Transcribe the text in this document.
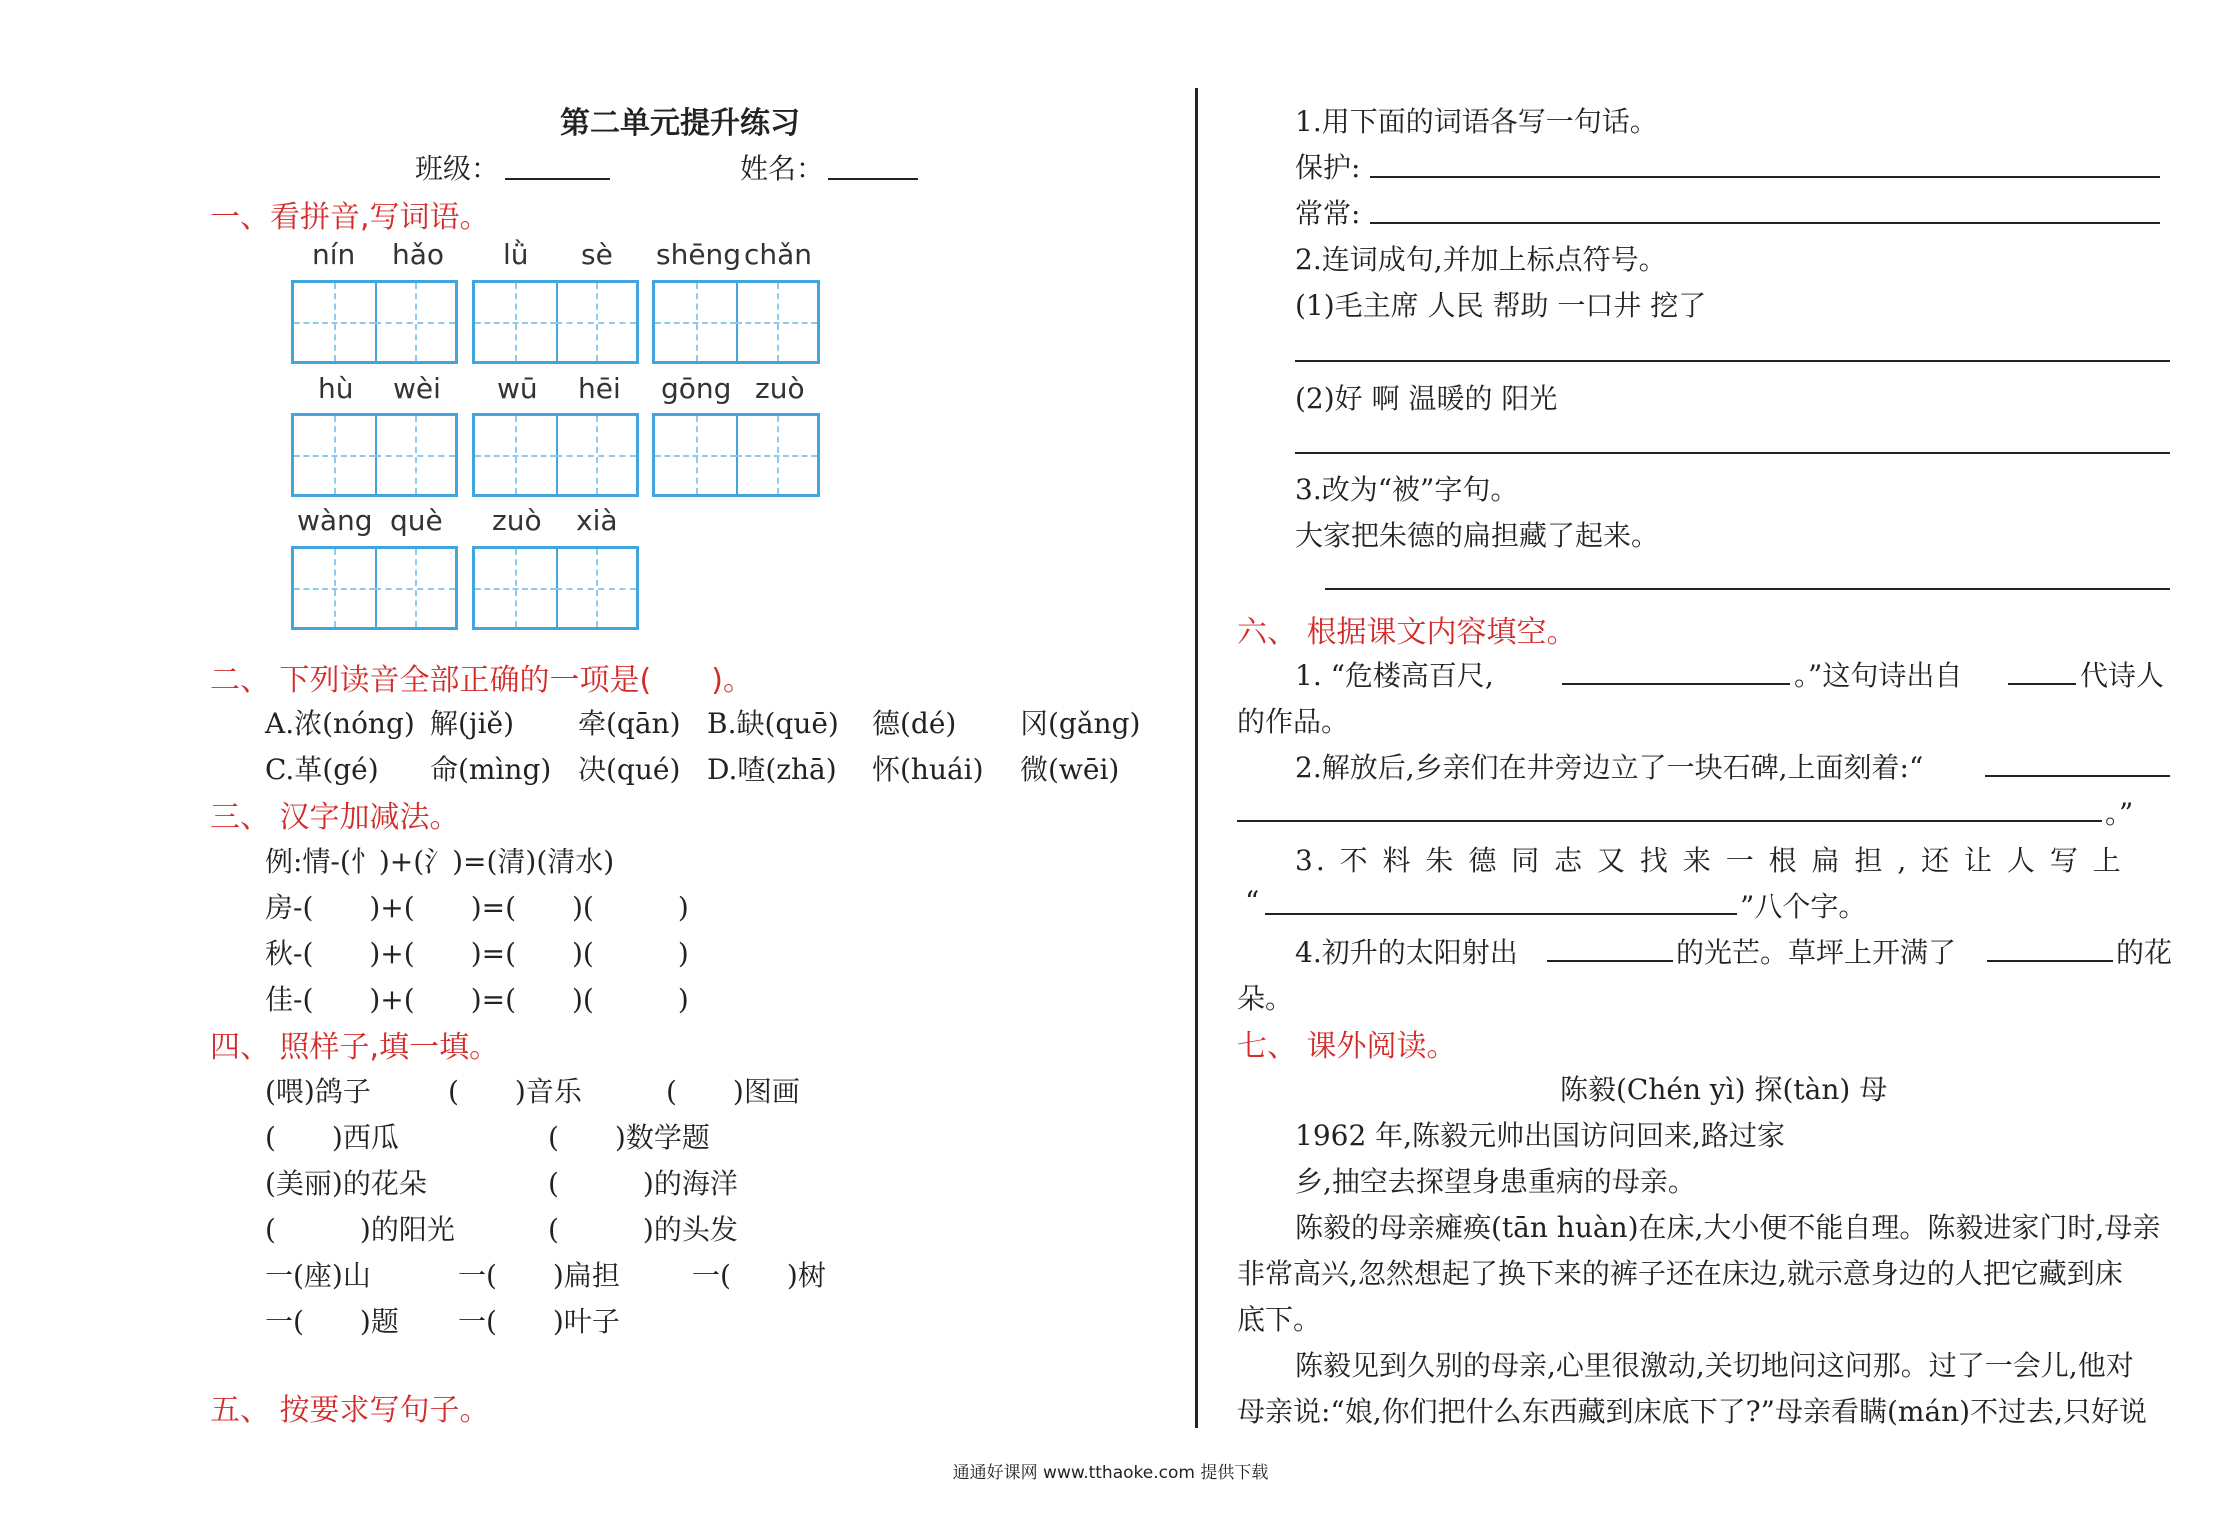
第二单元提升练习
班级：	姓名：
一、看拼音,写词语。
nín hǎo lǜ sè shēng chǎn
hù wèi wū hēi gōng zuò
wàng què zuò xià
二、 下列读音全部正确的一项是(　　)。
A.浓(nóng) 解(jiě) 牵(qān) B.缺(quē) 德(dé) 冈(gǎng)
C.革(gé) 命(mìng) 决(qué) D.喳(zhā) 怀(huái) 微(wēi)
三、 汉字加减法。
例:情-(忄)+(氵)=(清)(清水)
房-(　　)+(　　)=(　　)(　　　)
秋-(　　)+(　　)=(　　)(　　　)
佳-(　　)+(　　)=(　　)(　　　)
四、 照样子,填一填。
(喂)鸽子	(　　)音乐	(　　)图画
(　　)西瓜	(　　)数学题
(美丽)的花朵	(　　　)的海洋
(　　　)的阳光	(　　　)的头发
一(座)山	一(　　)扁担	一(　　)树
一(　　)题 一(　　)叶子
五、 按要求写句子。
1.用下面的词语各写一句话。
保护:
常常:
2.连词成句,并加上标点符号。
(1)毛主席 人民 帮助 一口井 挖了
(2)好 啊 温暖的 阳光
3.改为“被”字句。
大家把朱德的扁担藏了起来。
六、 根据课文内容填空。
1. “危楼高百尺,	。”这句诗出自	代诗人
的作品。
2.解放后,乡亲们在井旁边立了一块石碑,上面刻着:“
。”
3. 不 料 朱 德 同 志 又 找 来 一 根 扁 担 , 还 让 人 写 上
“	”八个字。
4.初升的太阳射出	的光芒。草坪上开满了	的花
朵。
七、 课外阅读。
陈毅(Chén yì) 探(tàn) 母
1962 年,陈毅元帅出国访问回来,路过家
乡,抽空去探望身患重病的母亲。
陈毅的母亲瘫痪(tān huàn)在床,大小便不能自理。陈毅进家门时,母亲
非常高兴,忽然想起了换下来的裤子还在床边,就示意身边的人把它藏到床
底下。
陈毅见到久别的母亲,心里很激动,关切地问这问那。过了一会儿,他对
母亲说:“娘,你们把什么东西藏到床底下了?”母亲看瞒(mán)不过去,只好说
通通好课网 www.tthaoke.com 提供下载
